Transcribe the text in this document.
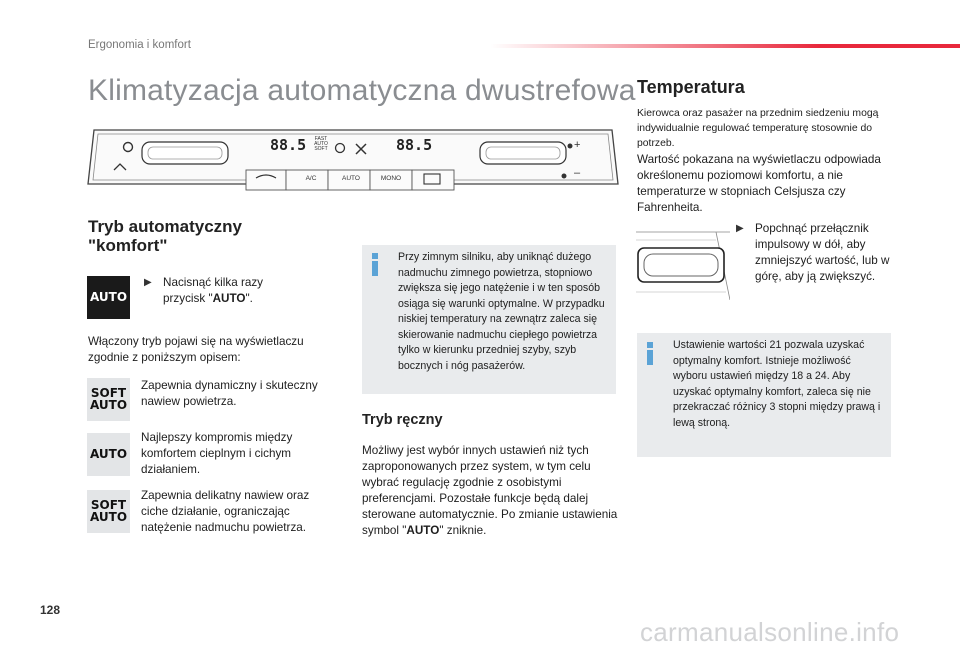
Ergonomia i komfort
Klimatyzacja automatyczna dwustrefowa
88.5	88.5
FAST
AUTO
SOFT
A/C	AUTO	MONO
+
–
Tryb automatyczny "komfort"
AUTO
▶︎ Nacisnąć kilka razy przycisk "AUTO".
Włączony tryb pojawi się na wyświetlaczu zgodnie z poniższym opisem:
SOFT
AUTO
Zapewnia dynamiczny i skuteczny nawiew powietrza.
AUTO
Najlepszy kompromis między komfortem cieplnym i cichym działaniem.
SOFT
AUTO
Zapewnia delikatny nawiew oraz ciche działanie, ograniczając natężenie nadmuchu powietrza.
Przy zimnym silniku, aby uniknąć dużego nadmuchu zimnego powietrza, stopniowo zwiększa się jego natężenie i w ten sposób osiąga się warunki optymalne. W przypadku niskiej temperatury na zewnątrz zaleca się skierowanie nadmuchu ciepłego powietrza tylko w kierunku przedniej szyby, szyb bocznych i nóg pasażerów.
Tryb ręczny
Możliwy jest wybór innych ustawień niż tych zaproponowanych przez system, w tym celu wybrać regulację zgodnie z osobistymi preferencjami. Pozostałe funkcje będą dalej sterowane automatycznie. Po zmianie ustawienia symbol "AUTO" zniknie.
Temperatura
Kierowca oraz pasażer na przednim siedzeniu mogą indywidualnie regulować temperaturę stosownie do potrzeb.
Wartość pokazana na wyświetlaczu odpowiada określonemu poziomowi komfortu, a nie temperaturze w stopniach Celsjusza czy Fahrenheita.
▶︎ Popchnąć przełącznik impulsowy w dół, aby zmniejszyć wartość, lub w górę, aby ją zwiększyć.
Ustawienie wartości 21 pozwala uzyskać optymalny komfort. Istnieje możliwość wyboru ustawień między 18 a 24. Aby uzyskać optymalny komfort, zaleca się nie przekraczać różnicy 3 stopni między prawą i lewą stroną.
128
carmanualsonline.info
